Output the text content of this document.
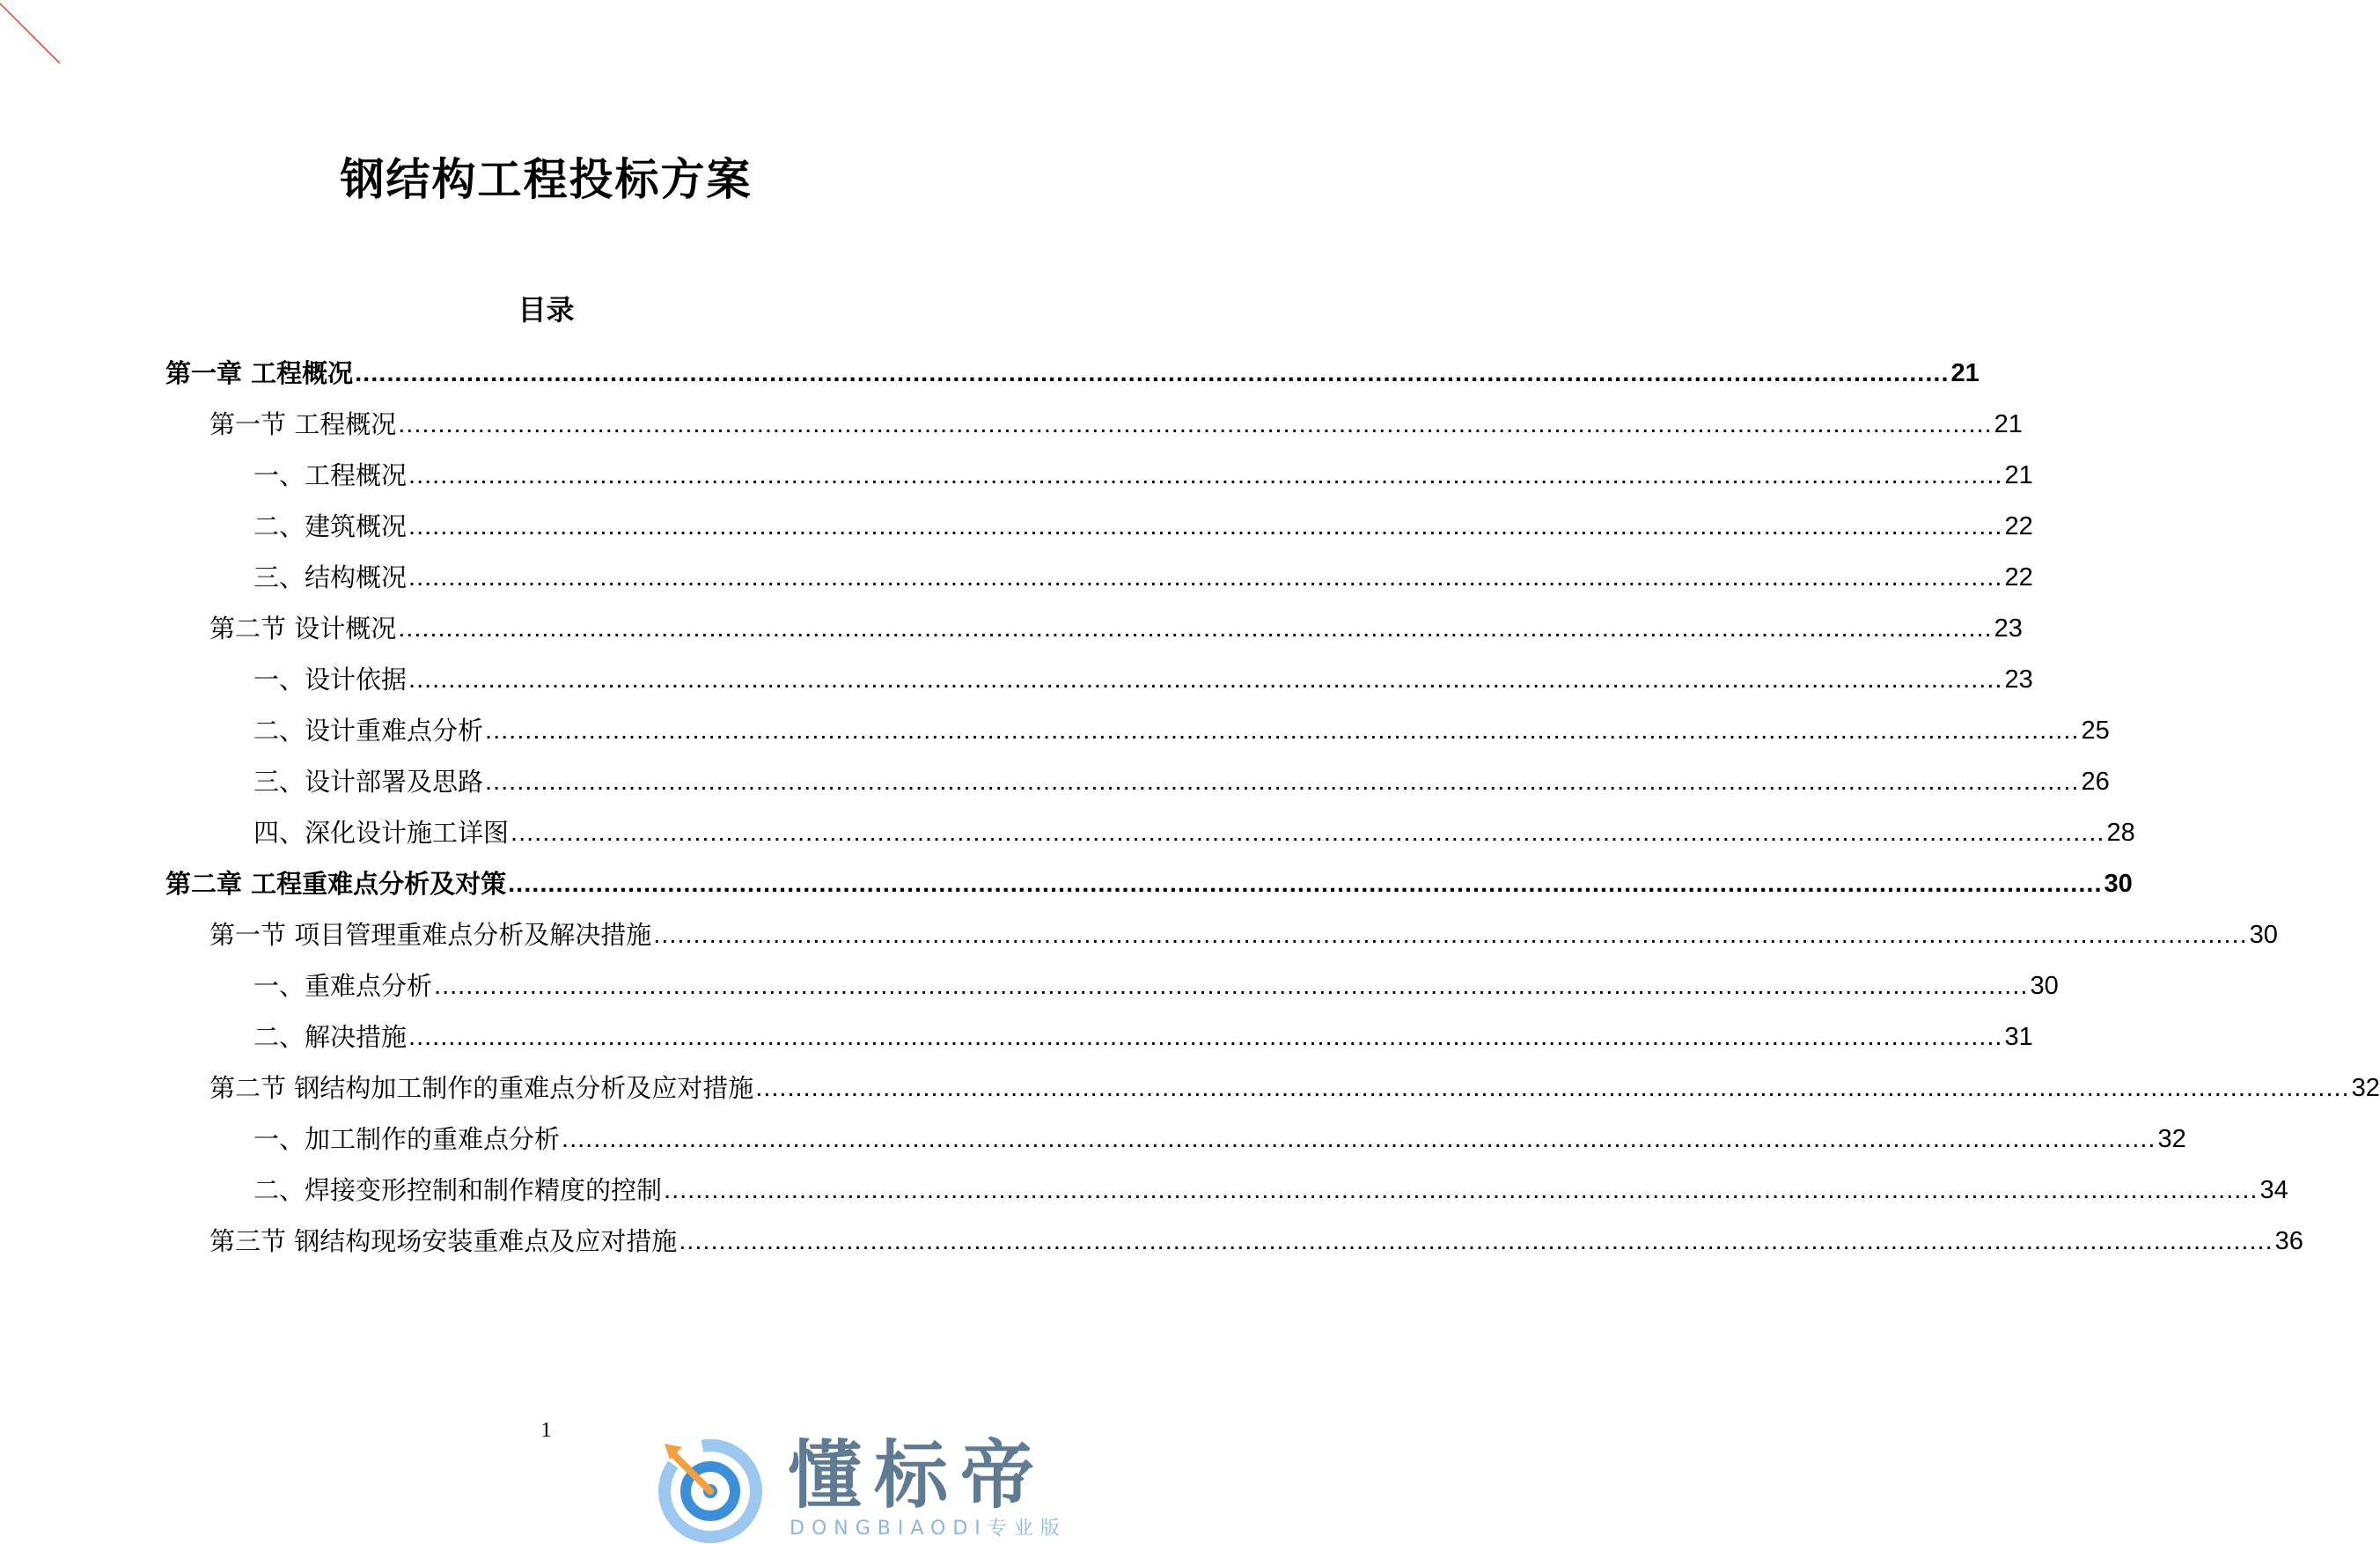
钢结构工程投标方案
目录
第一章 工程概况 ........................................................................................................................................................................................................ 21
第一节 工程概况 ........................................................................................................................................................................................................ 21
一、工程概况 ........................................................................................................................................................................................................ 21
二、建筑概况 ........................................................................................................................................................................................................ 22
三、结构概况 ........................................................................................................................................................................................................ 22
第二节 设计概况 ........................................................................................................................................................................................................ 23
一、设计依据 ........................................................................................................................................................................................................ 23
二、设计重难点分析 ........................................................................................................................................................................................................ 25
三、设计部署及思路 ........................................................................................................................................................................................................ 26
四、深化设计施工详图 ........................................................................................................................................................................................................ 28
第二章 工程重难点分析及对策 ........................................................................................................................................................................................................ 30
第一节 项目管理重难点分析及解决措施 ........................................................................................................................................................................................................ 30
一、重难点分析 ........................................................................................................................................................................................................ 30
二、解决措施 ........................................................................................................................................................................................................ 31
第二节 钢结构加工制作的重难点分析及应对措施 ........................................................................................................................................................................................................ 32
一、加工制作的重难点分析 ........................................................................................................................................................................................................ 32
二、焊接变形控制和制作精度的控制 ........................................................................................................................................................................................................ 34
第三节 钢结构现场安装重难点及应对措施 ........................................................................................................................................................................................................ 36
1
懂标帝
DONGBIAODI专业版
